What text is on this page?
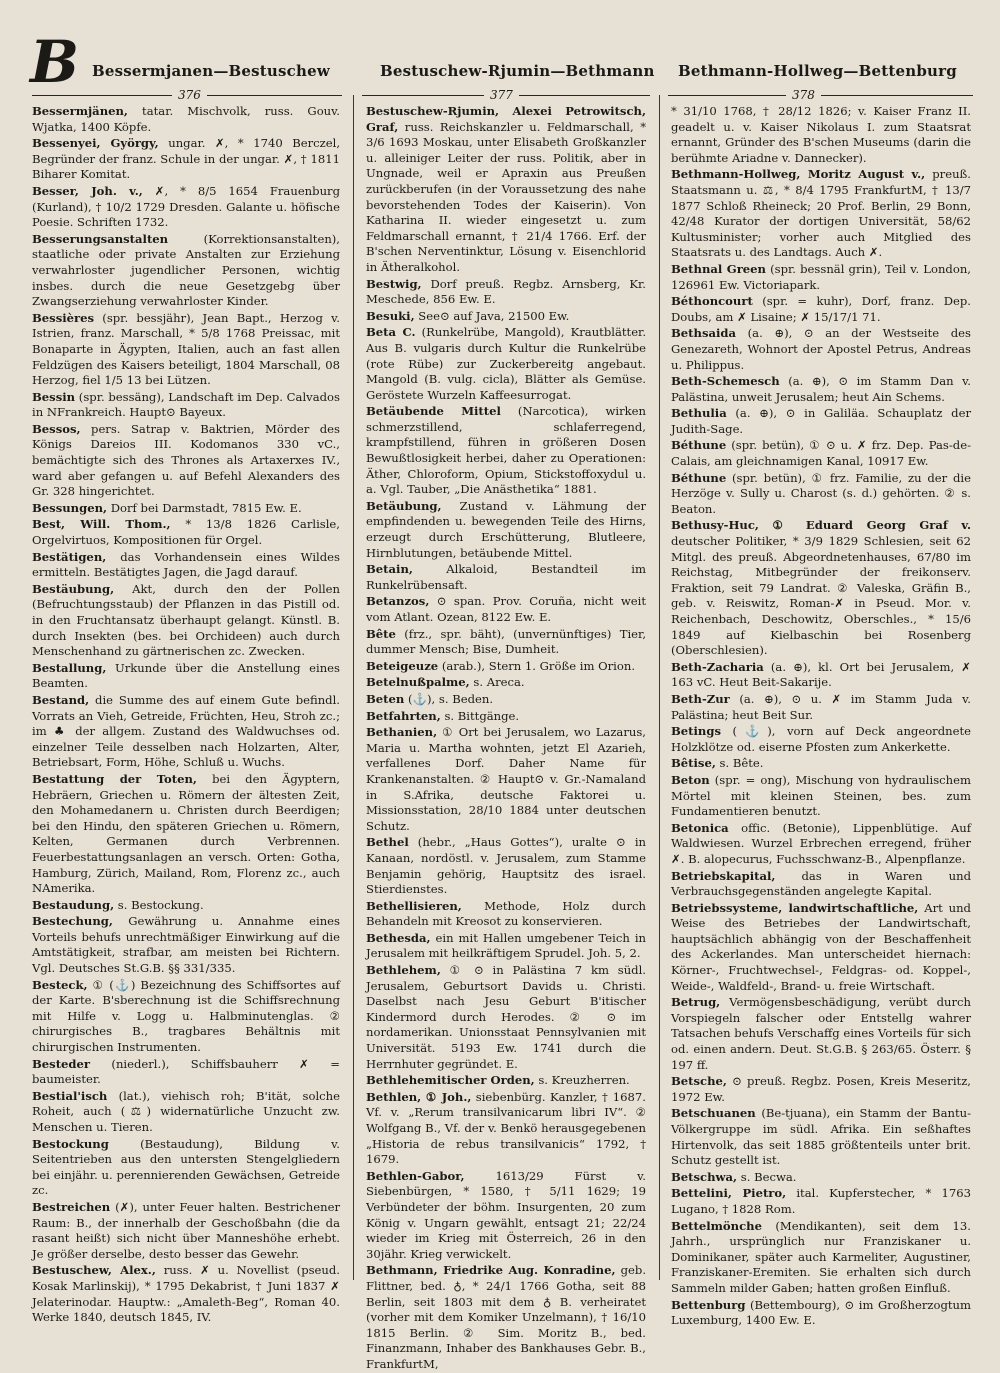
B Bessermjanen—Bestuschew	Bestuschew-Rjumin—Bethmann Bethmann-Hollweg—Bettenburg
376	377	378

Bessermjänen, tatar. Mischvolk, russ. Gouv. Wjatka, 1400 Köpfe.

Bessenyei, György, ungar. ✗, * 1740 Berczel, Begründer der franz. Schule in der ungar. ✗, † 1811 Biharer Komitat.

Besser, Joh. v., ✗, * 8/5 1654 Frauenburg (Kurland), † 10/2 1729 Dresden. Galante u. höfische Poesie. Schriften 1732.

Besserungsanstalten (Korrektionsanstalten), staatliche oder private Anstalten zur Erziehung verwahrloster jugendlicher Personen, wichtig insbes. durch die neue Gesetzgebg über Zwangserziehung verwahrloster Kinder.

Bessières (spr. bessjähr), Jean Bapt., Herzog v. Istrien, franz. Marschall, * 5/8 1768 Preissac, mit Bonaparte in Ägypten, Italien, auch an fast allen Feldzügen des Kaisers beteiligt, 1804 Marschall, 08 Herzog, fiel 1/5 13 bei Lützen.

Bessin (spr. bessäng), Landschaft im Dep. Calvados in NFrankreich. Haupt⊙ Bayeux.

Bessos, pers. Satrap v. Baktrien, Mörder des Königs Dareios III. Kodomanos 330 vC., bemächtigte sich des Thrones als Artaxerxes IV., ward aber gefangen u. auf Befehl Alexanders des Gr. 328 hingerichtet.

Bessungen, Dorf bei Darmstadt, 7815 Ew. E.

Best, Will. Thom., * 13/8 1826 Carlisle, Orgelvirtuos, Kompositionen für Orgel.

Bestätigen, das Vorhandensein eines Wildes ermitteln. Bestätigtes Jagen, die Jagd darauf.

Bestäubung, Akt, durch den der Pollen (Befruchtungsstaub) der Pflanzen in das Pistill od. in den Fruchtansatz überhaupt gelangt. Künstl. B. durch Insekten (bes. bei Orchideen) auch durch Menschenhand zu gärtnerischen zc. Zwecken.

Bestallung, Urkunde über die Anstellung eines Beamten.

Bestand, die Summe des auf einem Gute befindl. Vorrats an Vieh, Getreide, Früchten, Heu, Stroh zc.; im ♣ der allgem. Zustand des Waldwuchses od. einzelner Teile desselben nach Holzarten, Alter, Betriebsart, Form, Höhe, Schluß u. Wuchs.

Bestattung der Toten, bei den Ägyptern, Hebräern, Griechen u. Römern der ältesten Zeit, den Mohamedanern u. Christen durch Beerdigen; bei den Hindu, den späteren Griechen u. Römern, Kelten, Germanen durch Verbrennen. Feuerbestattungsanlagen an versch. Orten: Gotha, Hamburg, Zürich, Mailand, Rom, Florenz zc., auch NAmerika.

Bestaudung, s. Bestockung.

Bestechung, Gewährung u. Annahme eines Vorteils behufs unrechtmäßiger Einwirkung auf die Amtstätigkeit, strafbar, am meisten bei Richtern. Vgl. Deutsches St.G.B. §§ 331/335.

Besteck, ① (⚓) Bezeichnung des Schiffsortes auf der Karte. B'sberechnung ist die Schiffsrechnung mit Hilfe v. Logg u. Halbminutenglas. ② chirurgisches B., tragbares Behältnis mit chirurgischen Instrumenten.

Besteder (niederl.), Schiffsbauherr ✗ = baumeister.

Bestial'isch (lat.), viehisch roh; B'ität, solche Roheit, auch (⚖) widernatürliche Unzucht zw. Menschen u. Tieren.

Bestockung (Bestaudung), Bildung v. Seitentrieben aus den untersten Stengelgliedern bei einjähr. u. perennierenden Gewächsen, Getreide zc.

Bestreichen (✗), unter Feuer halten. Bestrichener Raum: B., der innerhalb der Geschoßbahn (die da rasant heißt) sich nicht über Manneshöhe erhebt. Je größer derselbe, desto besser das Gewehr.

Bestuschew, Alex., russ. ✗ u. Novellist (pseud. Kosak Marlinskij), * 1795 Dekabrist, † Juni 1837 ✗ Jelaterinodar. Hauptw.: „Amaleth-Beg“, Roman 40. Werke 1840, deutsch 1845, IV.

Bestuschew-Rjumin, Alexei Petrowitsch, Graf, russ. Reichskanzler u. Feldmarschall, * 3/6 1693 Moskau, unter Elisabeth Großkanzler u. alleiniger Leiter der russ. Politik, aber in Ungnade, weil er Apraxin aus Preußen zurückberufen (in der Voraussetzung des nahe bevorstehenden Todes der Kaiserin). Von Katharina II. wieder eingesetzt u. zum Feldmarschall ernannt, † 21/4 1766. Erf. der B'schen Nerventinktur, Lösung v. Eisenchlorid in Ätheralkohol.

Bestwig, Dorf preuß. Regbz. Arnsberg, Kr. Meschede, 856 Ew. E.

Besuki, See⊙ auf Java, 21500 Ew.

Beta C. (Runkelrübe, Mangold), Krautblätter. Aus B. vulgaris durch Kultur die Runkelrübe (rote Rübe) zur Zuckerbereitg angebaut. Mangold (B. vulg. cicla), Blätter als Gemüse. Geröstete Wurzeln Kaffeesurrogat.

Betäubende Mittel (Narcotica), wirken schmerzstillend, schlaferregend, krampfstillend, führen in größeren Dosen Bewußtlosigkeit herbei, daher zu Operationen: Äther, Chloroform, Opium, Stickstoffoxydul u. a. Vgl. Tauber, „Die Anästhetika“ 1881.

Betäubung, Zustand v. Lähmung der empfindenden u. bewegenden Teile des Hirns, erzeugt durch Erschütterung, Blutleere, Hirnblutungen, betäubende Mittel.

Betain, Alkaloid, Bestandteil im Runkelrübensaft.

Betanzos, ⊙ span. Prov. Coruña, nicht weit vom Atlant. Ozean, 8122 Ew. E.

Bête (frz., spr. bäht), (unvernünftiges) Tier, dummer Mensch; Bise, Dumheit.

Beteigeuze (arab.), Stern 1. Größe im Orion.

Betelnußpalme, s. Areca.

Beten (⚓), s. Beden.

Betfahrten, s. Bittgänge.

Bethanien, ① Ort bei Jerusalem, wo Lazarus, Maria u. Martha wohnten, jetzt El Azarieh, verfallenes Dorf. Daher Name für Krankenanstalten. ② Haupt⊙ v. Gr.-Namaland in S.Afrika, deutsche Faktorei u. Missionsstation, 28/10 1884 unter deutschen Schutz.

Bethel (hebr., „Haus Gottes“), uralte ⊙ in Kanaan, nordöstl. v. Jerusalem, zum Stamme Benjamin gehörig, Hauptsitz des israel. Stierdienstes.

Bethellisieren, Methode, Holz durch Behandeln mit Kreosot zu konservieren.

Bethesda, ein mit Hallen umgebener Teich in Jerusalem mit heilkräftigem Sprudel. Joh. 5, 2.

Bethlehem, ① ⊙ in Palästina 7 km südl. Jerusalem, Geburtsort Davids u. Christi. Daselbst nach Jesu Geburt B'itischer Kindermord durch Herodes. ② ⊙ im nordamerikan. Unionsstaat Pennsylvanien mit Universität. 5193 Ew. 1741 durch die Herrnhuter gegründet. E.

Bethlehemitischer Orden, s. Kreuzherren.

Bethlen, ① Joh., siebenbürg. Kanzler, † 1687. Vf. v. „Rerum transilvanicarum libri IV“. ② Wolfgang B., Vf. der v. Benkö herausgegebenen „Historia de rebus transilvanicis“ 1792, † 1679.

Bethlen-Gabor, 1613/29 Fürst v. Siebenbürgen, * 1580, † 5/11 1629; 19 Verbündeter der böhm. Insurgenten, 20 zum König v. Ungarn gewählt, entsagt 21; 22/24 wieder im Krieg mit Österreich, 26 in den 30jähr. Krieg verwickelt.

Bethmann, Friedrike Aug. Konradine, geb. Flittner, bed. ♁, * 24/1 1766 Gotha, seit 88 Berlin, seit 1803 mit dem ♁ B. verheiratet (vorher mit dem Komiker Unzelmann), † 16/10 1815 Berlin. ② Sim. Moritz B., bed. Finanzmann, Inhaber des Bankhauses Gebr. B., FrankfurtM,

* 31/10 1768, † 28/12 1826; v. Kaiser Franz II. geadelt u. v. Kaiser Nikolaus I. zum Staatsrat ernannt, Gründer des B'schen Museums (darin die berühmte Ariadne v. Dannecker).

Bethmann-Hollweg, Moritz August v., preuß. Staatsmann u. ⚖, * 8/4 1795 FrankfurtM, † 13/7 1877 Schloß Rheineck; 20 Prof. Berlin, 29 Bonn, 42/48 Kurator der dortigen Universität, 58/62 Kultusminister; vorher auch Mitglied des Staatsrats u. des Landtags. Auch ✗.

Bethnal Green (spr. bessnäl grin), Teil v. London, 126961 Ew. Victoriapark.

Béthoncourt (spr. = kuhr), Dorf, franz. Dep. Doubs, am ✗ Lisaine; ✗ 15/17/1 71.

Bethsaida (a. ⊕), ⊙ an der Westseite des Genezareth, Wohnort der Apostel Petrus, Andreas u. Philippus.

Beth-Schemesch (a. ⊕), ⊙ im Stamm Dan v. Palästina, unweit Jerusalem; heut Ain Schems.

Bethulia (a. ⊕), ⊙ in Galiläa. Schauplatz der Judith-Sage.

Béthune (spr. betün), ① ⊙ u. ✗ frz. Dep. Pas-de-Calais, am gleichnamigen Kanal, 10917 Ew.

Béthune (spr. betün), ① frz. Familie, zu der die Herzöge v. Sully u. Charost (s. d.) gehörten. ② s. Beaton.

Bethusy-Huc, ① Eduard Georg Graf v. deutscher Politiker, * 3/9 1829 Schlesien, seit 62 Mitgl. des preuß. Abgeordnetenhauses, 67/80 im Reichstag, Mitbegründer der freikonserv. Fraktion, seit 79 Landrat. ② Valeska, Gräfin B., geb. v. Reiswitz, Roman-✗ in Pseud. Mor. v. Reichenbach, Deschowitz, Oberschles., * 15/6 1849 auf Kielbaschin bei Rosenberg (Oberschlesien).

Beth-Zacharia (a. ⊕), kl. Ort bei Jerusalem, ✗ 163 vC. Heut Beit-Sakarije.

Beth-Zur (a. ⊕), ⊙ u. ✗ im Stamm Juda v. Palästina; heut Beit Sur.

Betings (⚓), vorn auf Deck angeordnete Holzklötze od. eiserne Pfosten zum Ankerkette.

Bêtise, s. Bête.

Beton (spr. = ong), Mischung von hydraulischem Mörtel mit kleinen Steinen, bes. zum Fundamentieren benutzt.

Betonica offic. (Betonie), Lippenblütige. Auf Waldwiesen. Wurzel Erbrechen erregend, früher ✗. B. alopecurus, Fuchsschwanz-B., Alpenpflanze.

Betriebskapital, das in Waren und Verbrauchsgegenständen angelegte Kapital.

Betriebssysteme, landwirtschaftliche, Art und Weise des Betriebes der Landwirtschaft, hauptsächlich abhängig von der Beschaffenheit des Ackerlandes. Man unterscheidet hiernach: Körner-, Fruchtwechsel-, Feldgras- od. Koppel-, Weide-, Waldfeld-, Brand- u. freie Wirtschaft.

Betrug, Vermögensbeschädigung, verübt durch Vorspiegeln falscher oder Entstellg wahrer Tatsachen behufs Verschaffg eines Vorteils für sich od. einen andern. Deut. St.G.B. § 263/65. Österr. § 197 ff.

Betsche, ⊙ preuß. Regbz. Posen, Kreis Meseritz, 1972 Ew.

Betschuanen (Be-tjuana), ein Stamm der Bantu-Völkergruppe im südl. Afrika. Ein seßhaftes Hirtenvolk, das seit 1885 größtenteils unter brit. Schutz gestellt ist.

Betschwa, s. Becwa.

Bettelini, Pietro, ital. Kupferstecher, * 1763 Lugano, † 1828 Rom.

Bettelmönche (Mendikanten), seit dem 13. Jahrh., ursprünglich nur Franziskaner u. Dominikaner, später auch Karmeliter, Augustiner, Franziskaner-Eremiten. Sie erhalten sich durch Sammeln milder Gaben; hatten großen Einfluß.

Bettenburg (Bettembourg), ⊙ im Großherzogtum Luxemburg, 1400 Ew. E.
